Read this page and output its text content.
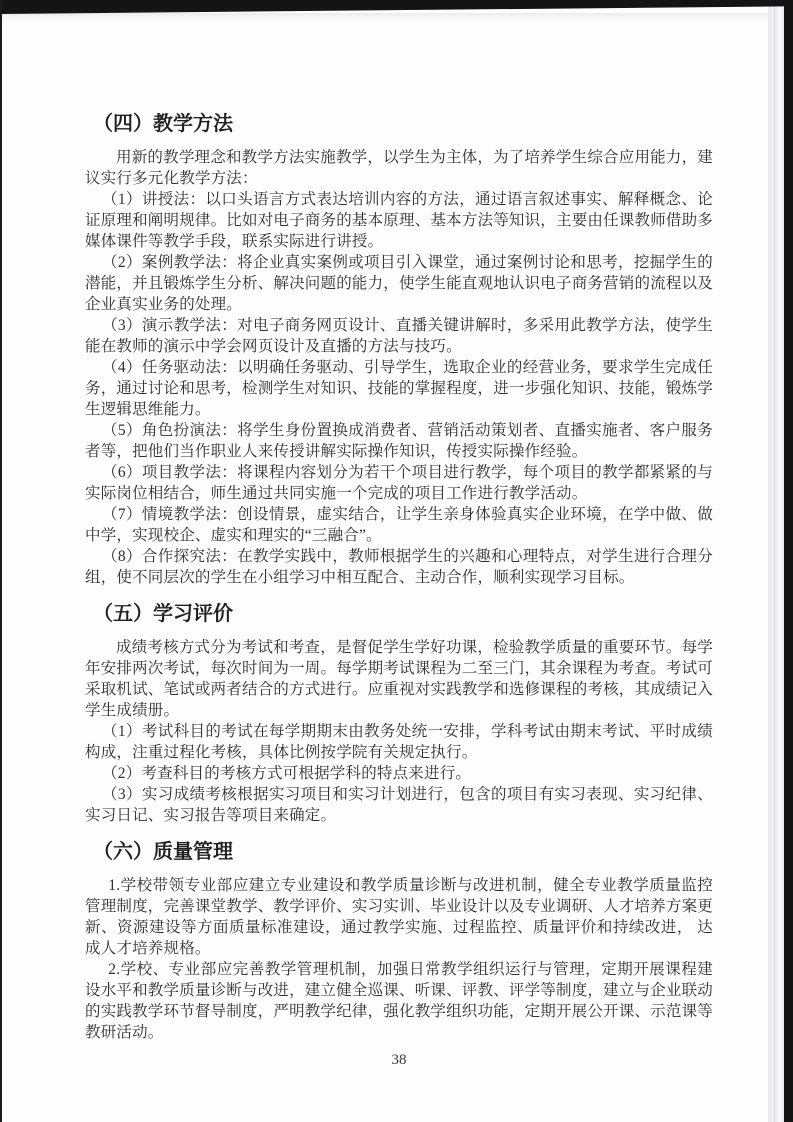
（四）教学方法

用新的教学理念和教学方法实施教学，以学生为主体，为了培养学生综合应用能力，建议实行多元化教学方法：

（1）讲授法：以口头语言方式表达培训内容的方法，通过语言叙述事实、解释概念、论证原理和阐明规律。比如对电子商务的基本原理、基本方法等知识，主要由任课教师借助多媒体课件等教学手段，联系实际进行讲授。

（2）案例教学法：将企业真实案例或项目引入课堂，通过案例讨论和思考，挖掘学生的潜能，并且锻炼学生分析、解决问题的能力，使学生能直观地认识电子商务营销的流程以及企业真实业务的处理。

（3）演示教学法：对电子商务网页设计、直播关键讲解时，多采用此教学方法，使学生能在教师的演示中学会网页设计及直播的方法与技巧。

（4）任务驱动法：以明确任务驱动、引导学生，选取企业的经营业务，要求学生完成任务，通过讨论和思考，检测学生对知识、技能的掌握程度，进一步强化知识、技能，锻炼学生逻辑思维能力。

（5）角色扮演法：将学生身份置换成消费者、营销活动策划者、直播实施者、客户服务者等，把他们当作职业人来传授讲解实际操作知识，传授实际操作经验。

（6）项目教学法：将课程内容划分为若干个项目进行教学，每个项目的教学都紧紧的与实际岗位相结合，师生通过共同实施一个完成的项目工作进行教学活动。

（7）情境教学法：创设情景，虚实结合，让学生亲身体验真实企业环境，在学中做、做中学，实现校企、虚实和理实的“三融合”。

（8）合作探究法：在教学实践中，教师根据学生的兴趣和心理特点，对学生进行合理分组，使不同层次的学生在小组学习中相互配合、主动合作，顺利实现学习目标。

（五）学习评价

成绩考核方式分为考试和考查，是督促学生学好功课，检验教学质量的重要环节。每学年安排两次考试，每次时间为一周。每学期考试课程为二至三门，其余课程为考查。考试可采取机试、笔试或两者结合的方式进行。应重视对实践教学和选修课程的考核，其成绩记入学生成绩册。

（1）考试科目的考试在每学期期末由教务处统一安排，学科考试由期末考试、平时成绩构成，注重过程化考核，具体比例按学院有关规定执行。

（2）考查科目的考核方式可根据学科的特点来进行。

（3）实习成绩考核根据实习项目和实习计划进行，包含的项目有实习表现、实习纪律、实习日记、实习报告等项目来确定。

（六）质量管理

1.学校带领专业部应建立专业建设和教学质量诊断与改进机制，健全专业教学质量监控管理制度，完善课堂教学、教学评价、实习实训、毕业设计以及专业调研、人才培养方案更新、资源建设等方面质量标准建设，通过教学实施、过程监控、质量评价和持续改进， 达成人才培养规格。

2.学校、专业部应完善教学管理机制，加强日常教学组织运行与管理，定期开展课程建设水平和教学质量诊断与改进，建立健全巡课、听课、评教、评学等制度，建立与企业联动的实践教学环节督导制度，严明教学纪律，强化教学组织功能，定期开展公开课、示范课等教研活动。

38
